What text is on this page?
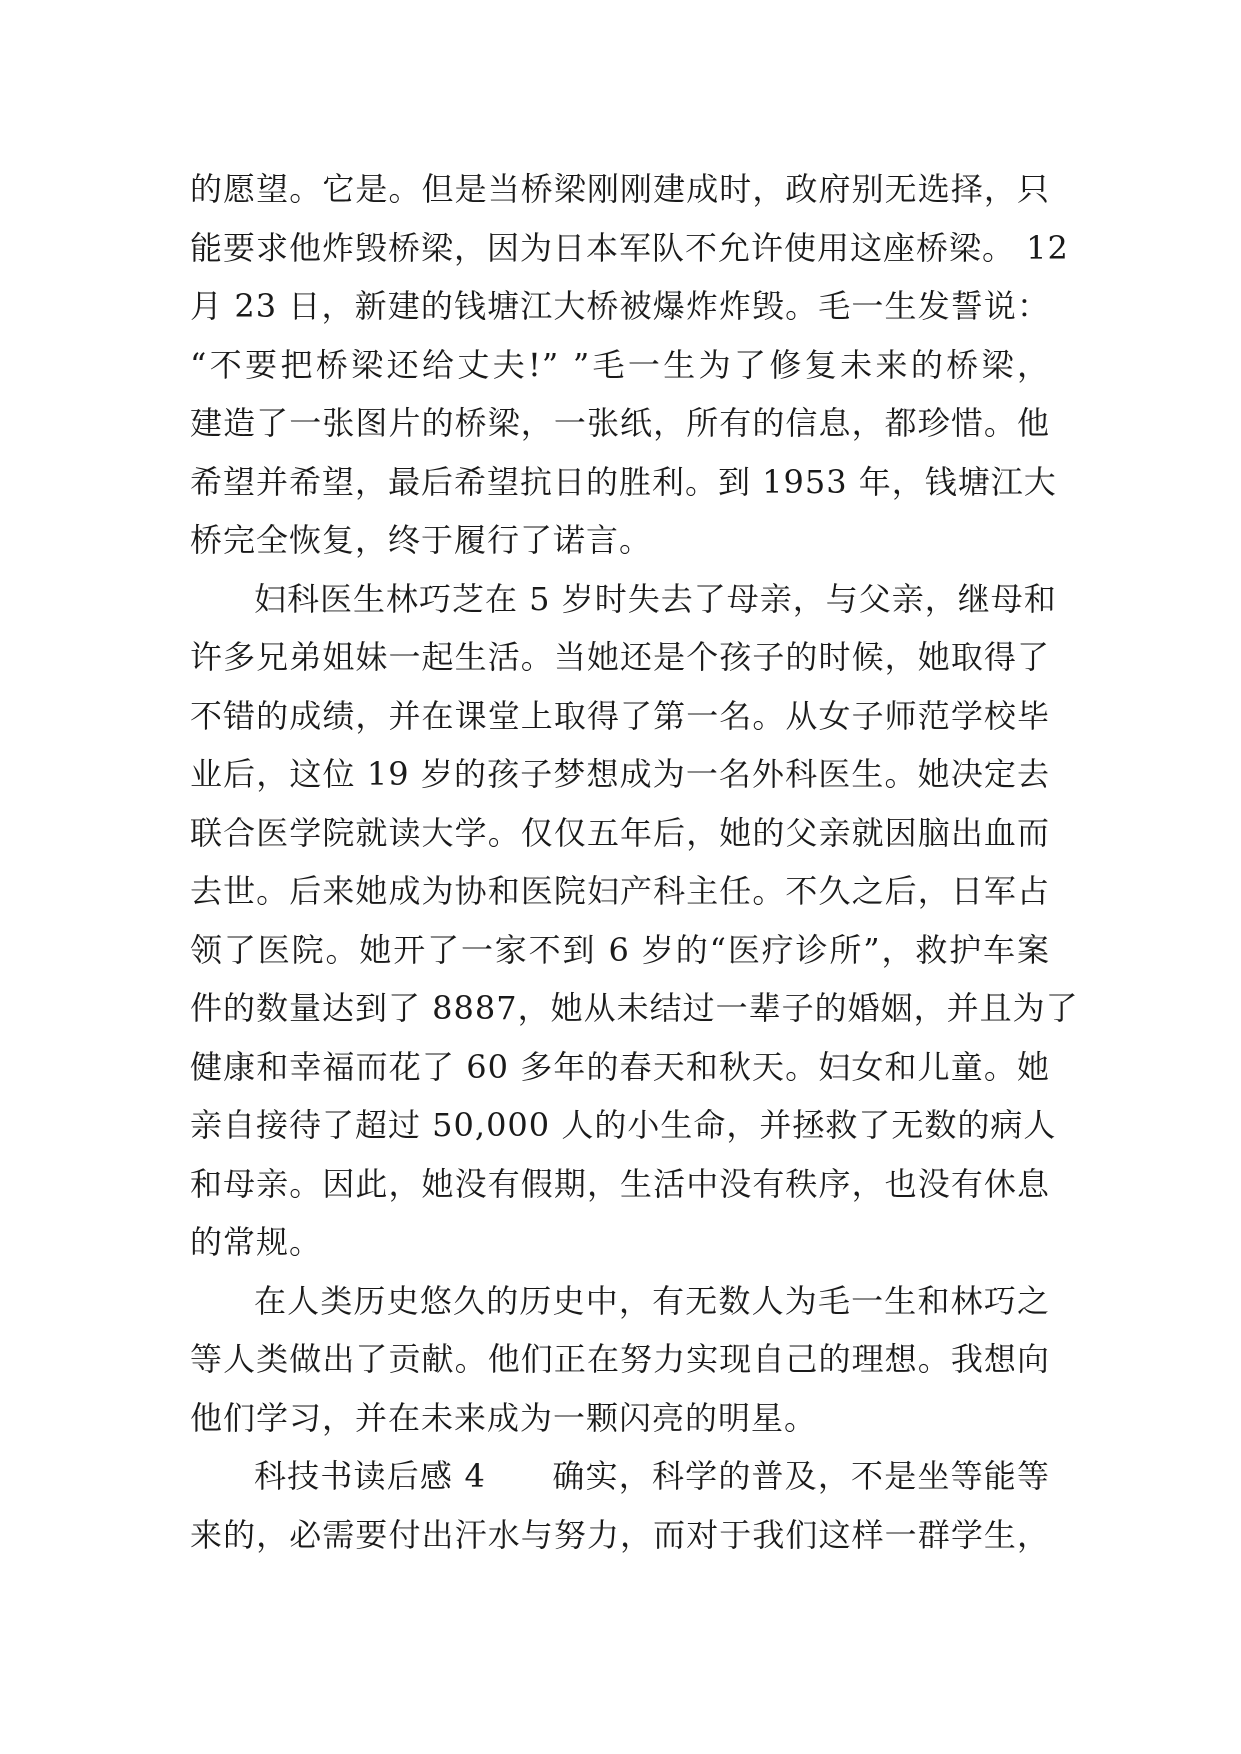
的愿望。它是。但是当桥梁刚刚建成时，政府别无选择，只
能要求他炸毁桥梁，因为日本军队不允许使用这座桥梁。 12
月 23 日，新建的钱塘江大桥被爆炸炸毁。毛一生发誓说：
“不要把桥梁还给丈夫!” ”毛一生为了修复未来的桥梁，
建造了一张图片的桥梁，一张纸，所有的信息，都珍惜。他
希望并希望，最后希望抗日的胜利。到 1953 年，钱塘江大
桥完全恢复，终于履行了诺言。
妇科医生林巧芝在 5 岁时失去了母亲，与父亲，继母和
许多兄弟姐妹一起生活。当她还是个孩子的时候，她取得了
不错的成绩，并在课堂上取得了第一名。从女子师范学校毕
业后，这位 19 岁的孩子梦想成为一名外科医生。她决定去
联合医学院就读大学。仅仅五年后，她的父亲就因脑出血而
去世。后来她成为协和医院妇产科主任。不久之后，日军占
领了医院。她开了一家不到 6 岁的“医疗诊所”，救护车案
件的数量达到了 8887，她从未结过一辈子的婚姻，并且为了
健康和幸福而花了 60 多年的春天和秋天。妇女和儿童。她
亲自接待了超过 50,000 人的小生命，并拯救了无数的病人
和母亲。因此，她没有假期，生活中没有秩序，也没有休息
的常规。
在人类历史悠久的历史中，有无数人为毛一生和林巧之
等人类做出了贡献。他们正在努力实现自己的理想。我想向
他们学习，并在未来成为一颗闪亮的明星。
科技书读后感 4　　确实，科学的普及，不是坐等能等
来的，必需要付出汗水与努力，而对于我们这样一群学生，
